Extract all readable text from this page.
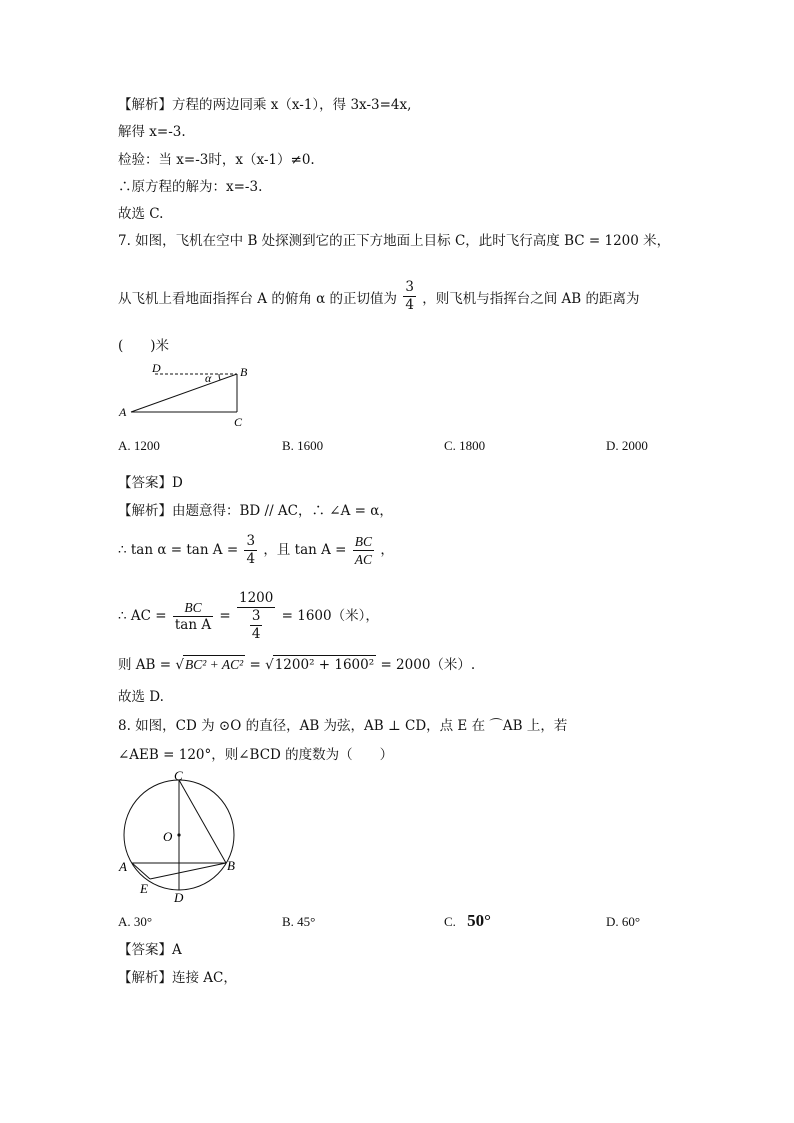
【解析】方程的两边同乘 x（x-1），得 3x-3=4x,
解得 x=-3.
检验：当 x=-3时，x（x-1）≠0.
∴原方程的解为：x=-3.
故选 C.
7. 如图，飞机在空中 B 处探测到它的正下方地面上目标 C，此时飞行高度 BC = 1200 米，
从飞机上看地面指挥台 A 的俯角 α 的正切值为 $\frac{3}{4}$ ，则飞机与指挥台之间 AB 的距离为
(　　)米
D
α B
A
C
A. 1200	B. 1600	C. 1800	D. 2000
【答案】D
【解析】由题意得：BD // AC，∴ ∠A = α，
∴ $\tan \alpha = \tan A = \frac{3}{4}$ ，且 $\tan A = \frac{BC}{AC}$ ，
∴ AC = $\frac{BC}{\text{tan A}} = \frac{1200}{\frac{3}{4}} = 1600$（米），
则 AB = √BC² + AC² = √1200² + 1600² = 2000（米）.
故选 D.
8. 如图，CD 为 ⊙O 的直径，AB 为弦，AB ⊥ CD，点 E 在 ⌒AB 上，若
∠AEB = 120°，则∠BCD 的度数为（　　）
C
O
A	B
E
D
A. 30°	B. 45°	C. 50°	D. 60°
【答案】A
【解析】连接 AC，
